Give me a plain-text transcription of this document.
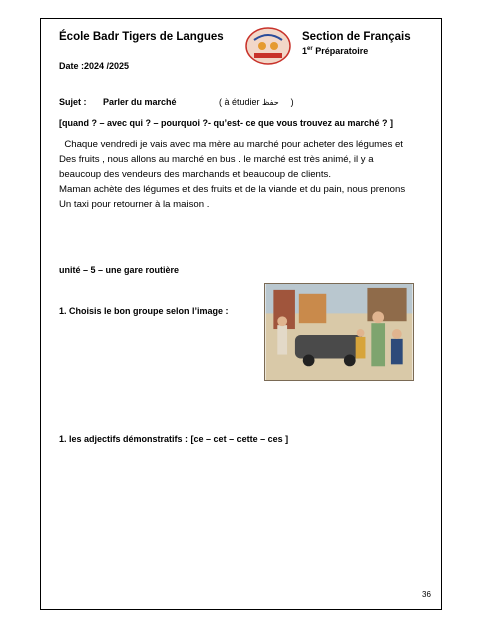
École Badr Tigers de Langues	Section de Français
1er Préparatoire
Date :2024 /2025
Sujet : Parler du marché	( à étudier حفظ )
[quand ? – avec qui ? – pourquoi ?- qu’est- ce que vous trouvez au marché ? ]
Chaque vendredi je vais avec ma mère au marché pour acheter des légumes et
Des fruits , nous allons au marché en bus . le marché est très animé, il y a
beaucoup des vendeurs des marchands et beaucoup de clients.
Maman achète des légumes et des fruits et de la viande et du pain, nous prenons
Un taxi pour retourner à la maison .
unité – 5 – une gare routière
1. Choisis le bon groupe selon l’image :
1. les adjectifs démonstratifs : [ce – cet – cette – ces ]
36
